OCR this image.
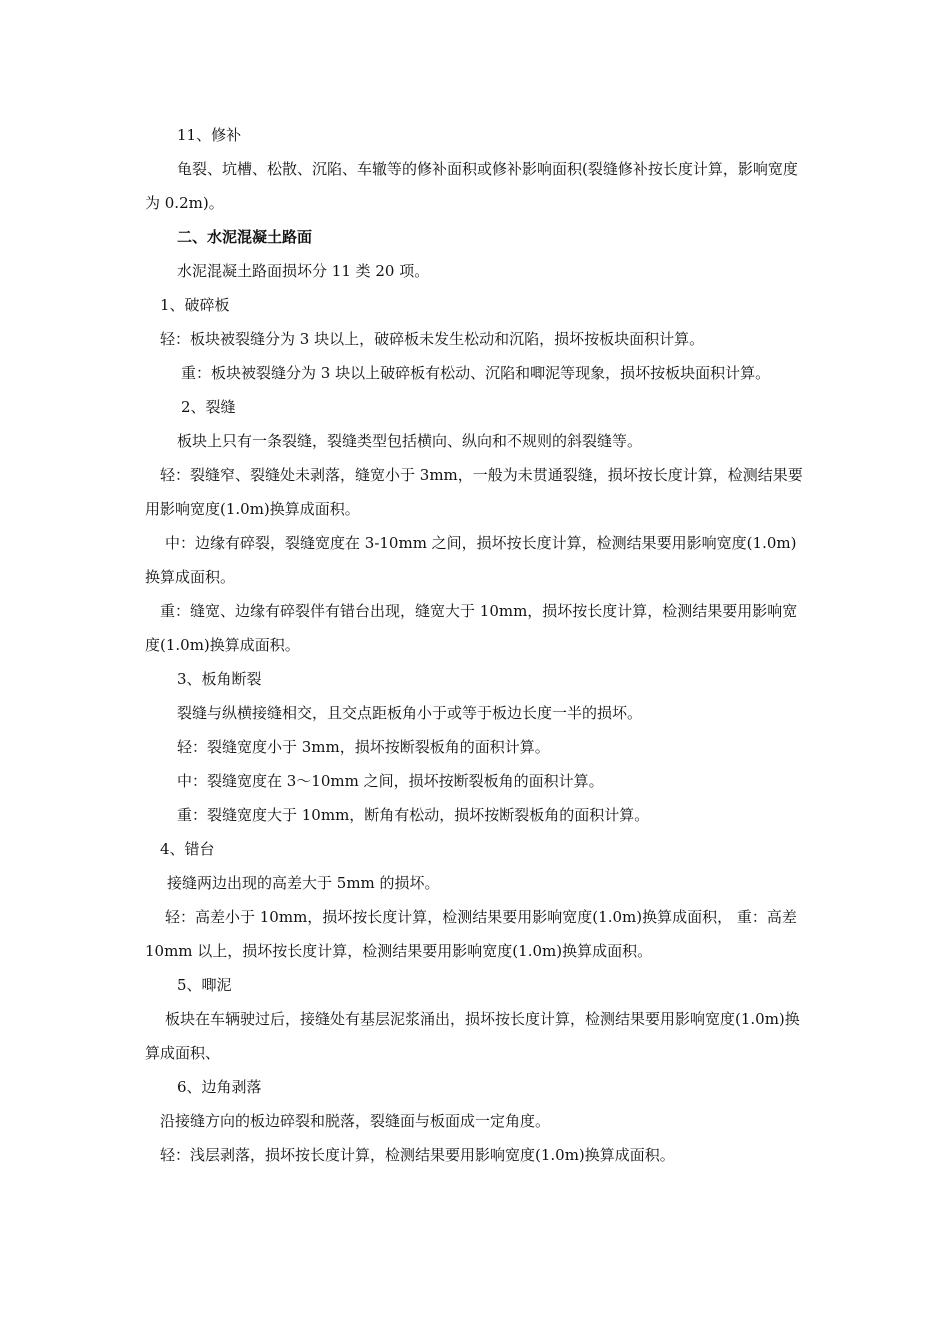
11、修补

龟裂、坑槽、松散、沉陷、车辙等的修补面积或修补影响面积(裂缝修补按长度计算，影响宽度为 0.2m)。

二、水泥混凝土路面

水泥混凝土路面损坏分 11 类 20 项。

1、破碎板

轻：板块被裂缝分为 3 块以上，破碎板未发生松动和沉陷，损坏按板块面积计算。

重：板块被裂缝分为 3 块以上破碎板有松动、沉陷和唧泥等现象，损坏按板块面积计算。

2、裂缝

板块上只有一条裂缝，裂缝类型包括横向、纵向和不规则的斜裂缝等。

轻：裂缝窄、裂缝处未剥落，缝宽小于 3mm，一般为未贯通裂缝，损坏按长度计算，检测结果要用影响宽度(1.0m)换算成面积。

中：边缘有碎裂，裂缝宽度在 3-10mm 之间，损坏按长度计算，检测结果要用影响宽度(1.0m)换算成面积。

重：缝宽、边缘有碎裂伴有错台出现，缝宽大于 10mm，损坏按长度计算，检测结果要用影响宽度(1.0m)换算成面积。

3、板角断裂

裂缝与纵横接缝相交，且交点距板角小于或等于板边长度一半的损坏。

轻：裂缝宽度小于 3mm，损坏按断裂板角的面积计算。

中：裂缝宽度在 3～10mm 之间，损坏按断裂板角的面积计算。

重：裂缝宽度大于 10mm，断角有松动，损坏按断裂板角的面积计算。

4、错台

接缝两边出现的高差大于 5mm 的损坏。

轻：高差小于 10mm，损坏按长度计算，检测结果要用影响宽度(1.0m)换算成面积， 重：高差 10mm 以上，损坏按长度计算，检测结果要用影响宽度(1.0m)换算成面积。

5、唧泥

板块在车辆驶过后，接缝处有基层泥浆涌出，损坏按长度计算，检测结果要用影响宽度(1.0m)换算成面积、

6、边角剥落

沿接缝方向的板边碎裂和脱落，裂缝面与板面成一定角度。

轻：浅层剥落，损坏按长度计算，检测结果要用影响宽度(1.0m)换算成面积。
